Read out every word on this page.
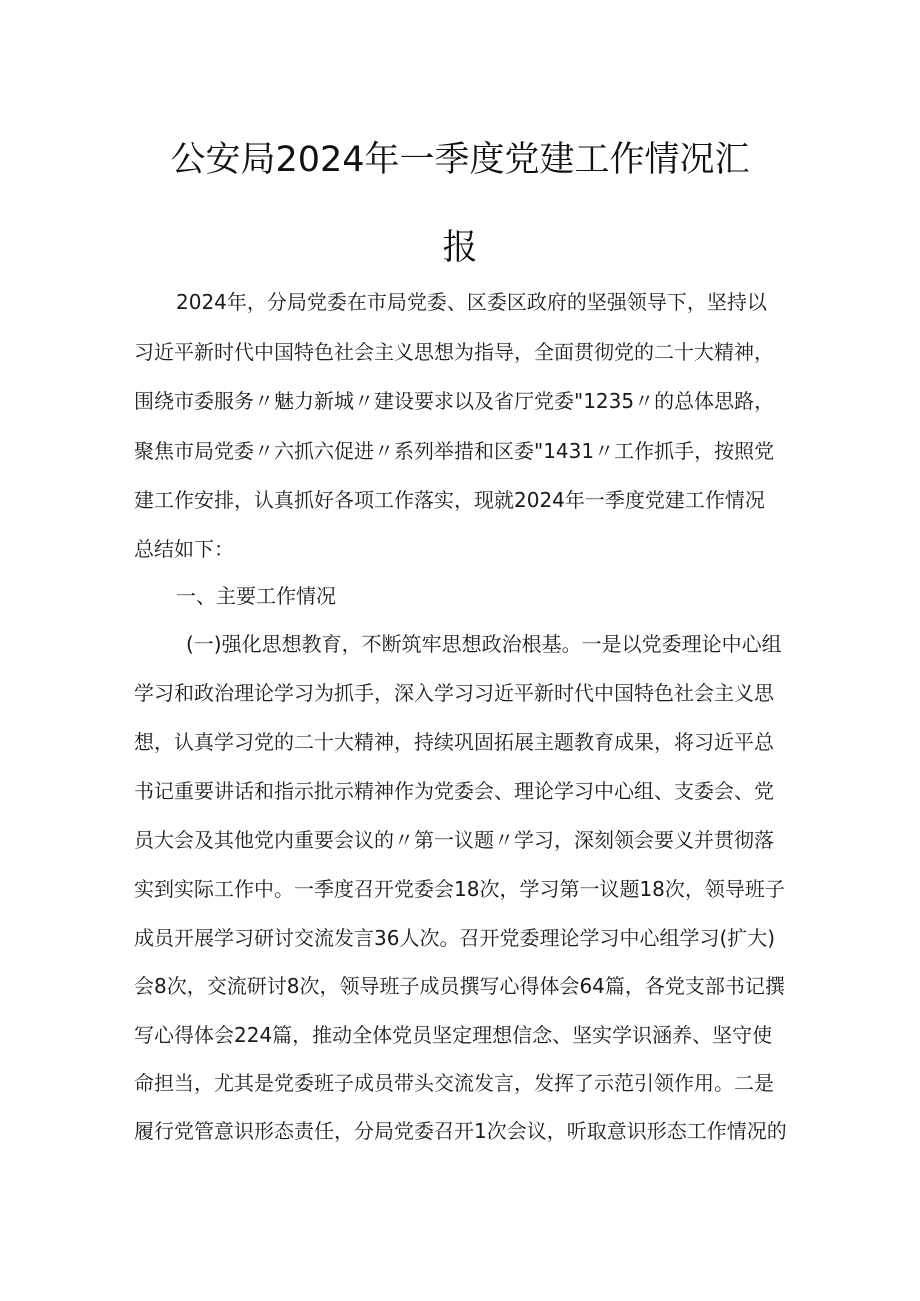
公安局2024年一季度党建工作情况汇
报
2024年，分局党委在市局党委、区委区政府的坚强领导下，坚持以
习近平新时代中国特色社会主义思想为指导，全面贯彻党的二十大精神，
围绕市委服务〃魅力新城〃建设要求以及省厅党委"1235〃的总体思路，
聚焦市局党委〃六抓六促进〃系列举措和区委"1431〃工作抓手，按照党
建工作安排，认真抓好各项工作落实，现就2024年一季度党建工作情况
总结如下：
一、主要工作情况
(一)强化思想教育，不断筑牢思想政治根基。一是以党委理论中心组
学习和政治理论学习为抓手，深入学习习近平新时代中国特色社会主义思
想，认真学习党的二十大精神，持续巩固拓展主题教育成果，将习近平总
书记重要讲话和指示批示精神作为党委会、理论学习中心组、支委会、党
员大会及其他党内重要会议的〃第一议题〃学习，深刻领会要义并贯彻落
实到实际工作中。一季度召开党委会18次，学习第一议题18次，领导班子
成员开展学习研讨交流发言36人次。召开党委理论学习中心组学习(扩大)
会8次，交流研讨8次，领导班子成员撰写心得体会64篇，各党支部书记撰
写心得体会224篇，推动全体党员坚定理想信念、坚实学识涵养、坚守使
命担当，尤其是党委班子成员带头交流发言，发挥了示范引领作用。二是
履行党管意识形态责任，分局党委召开1次会议，听取意识形态工作情况的
